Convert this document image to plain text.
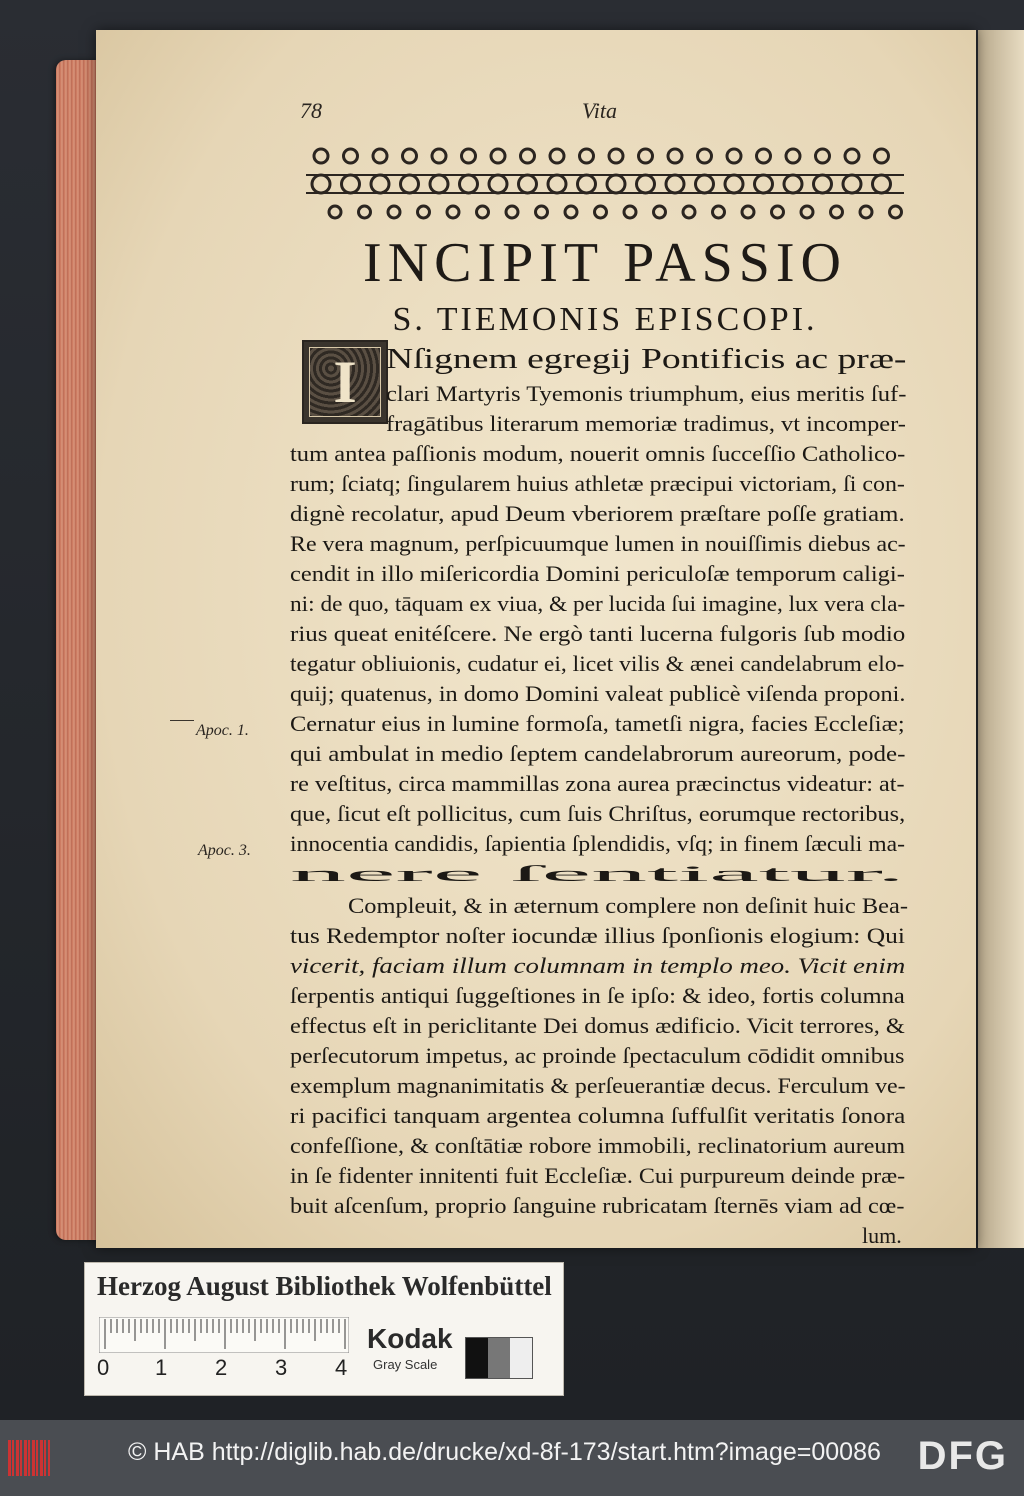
78	Vita
INCIPIT PASSIO
S. TIEMONIS EPISCOPI.
I Nſignem egregij Pontificis ac præ-
clari Martyris Tyemonis triumphum, eius meritis ſuf-
fragātibus literarum memoriæ tradimus, vt incomper-
tum antea paſſionis modum, nouerit omnis ſucceſſio Catholico-
rum; ſciatq; ſingularem huius athletæ præcipui victoriam, ſi con-
dignè recolatur, apud Deum vberiorem præſtare poſſe gratiam.
Re vera magnum, perſpicuumque lumen in nouiſſimis diebus ac-
cendit in illo miſericordia Domini periculoſæ temporum caligi-
ni: de quo, tāquam ex viua, & per lucida ſui imagine, lux vera cla-
rius queat enitéſcere. Ne ergò tanti lucerna fulgoris ſub modio
tegatur obliuionis, cudatur ei, licet vilis & ænei candelabrum elo-
quij; quatenus, in domo Domini valeat publicè viſenda proponi.
Cernatur eius in lumine formoſa, tametſi nigra, facies Eccleſiæ;
qui ambulat in medio ſeptem candelabrorum aureorum, pode-
re veſtitus, circa mammillas zona aurea præcinctus videatur: at-
que, ſicut eſt pollicitus, cum ſuis Chriſtus, eorumque rectoribus,
innocentia candidis, ſapientia ſplendidis, vſq; in finem ſæculi ma-
nere ſentiatur.
Compleuit, & in æternum complere non deſinit huic Bea-
tus Redemptor noſter iocundæ illius ſponſionis elogium: Qui
vicerit, faciam illum columnam in templo meo. Vicit enim
ſerpentis antiqui ſuggeſtiones in ſe ipſo: & ideo, fortis columna
effectus eſt in periclitante Dei domus ædificio. Vicit terrores, &
perſecutorum impetus, ac proinde ſpectaculum cōdidit omnibus
exemplum magnanimitatis & perſeuerantiæ decus. Ferculum ve-
ri pacifici tanquam argentea columna ſuffulſit veritatis ſonora
confeſſione, & conſtātiæ robore immobili, reclinatorium aureum
in ſe fidenter innitenti fuit Eccleſiæ. Cui purpureum deinde præ-
buit aſcenſum, proprio ſanguine rubricatam ſternēs viam ad cœ-
lum.
Apoc. 1.
Apoc. 3.
Herzog August Bibliothek Wolfenbüttel
0 1 2 3 4
Kodak
Gray Scale
© HAB http://diglib.hab.de/drucke/xd-8f-173/start.htm?image=00086 DFG
